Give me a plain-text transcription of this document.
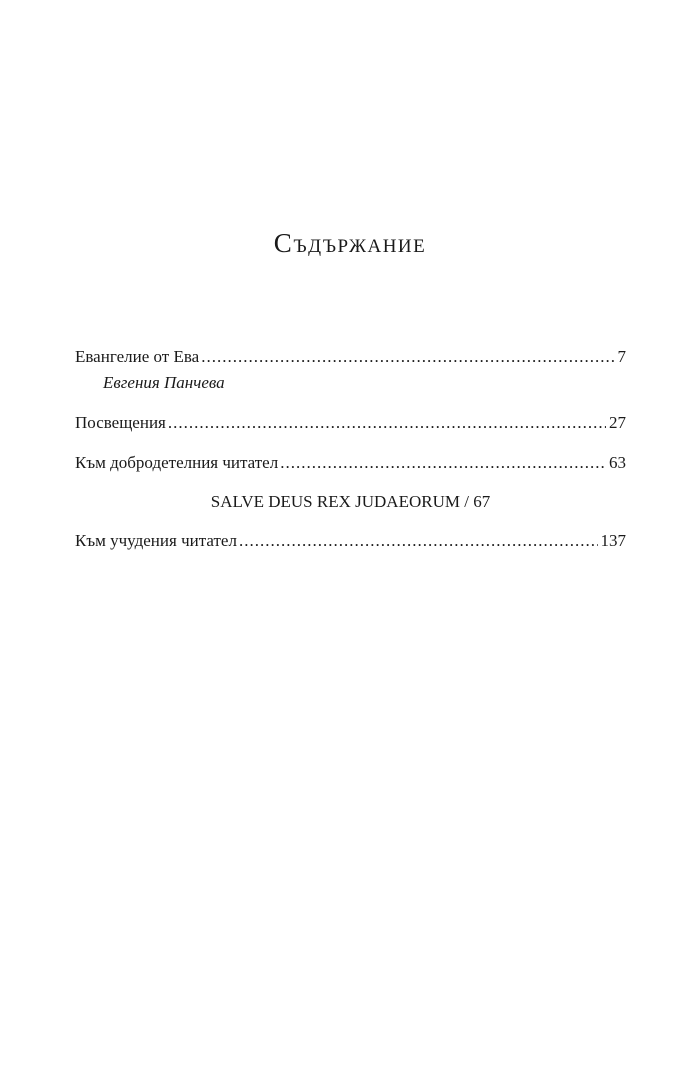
Съдържание
Евангелие от Ева .....	7
Евгения Панчева
Посвещения .....	27
Към добродетелния читател .....	63
SALVE DEUS REX JUDAEORUM / 67
Към учудения читател .....	137
